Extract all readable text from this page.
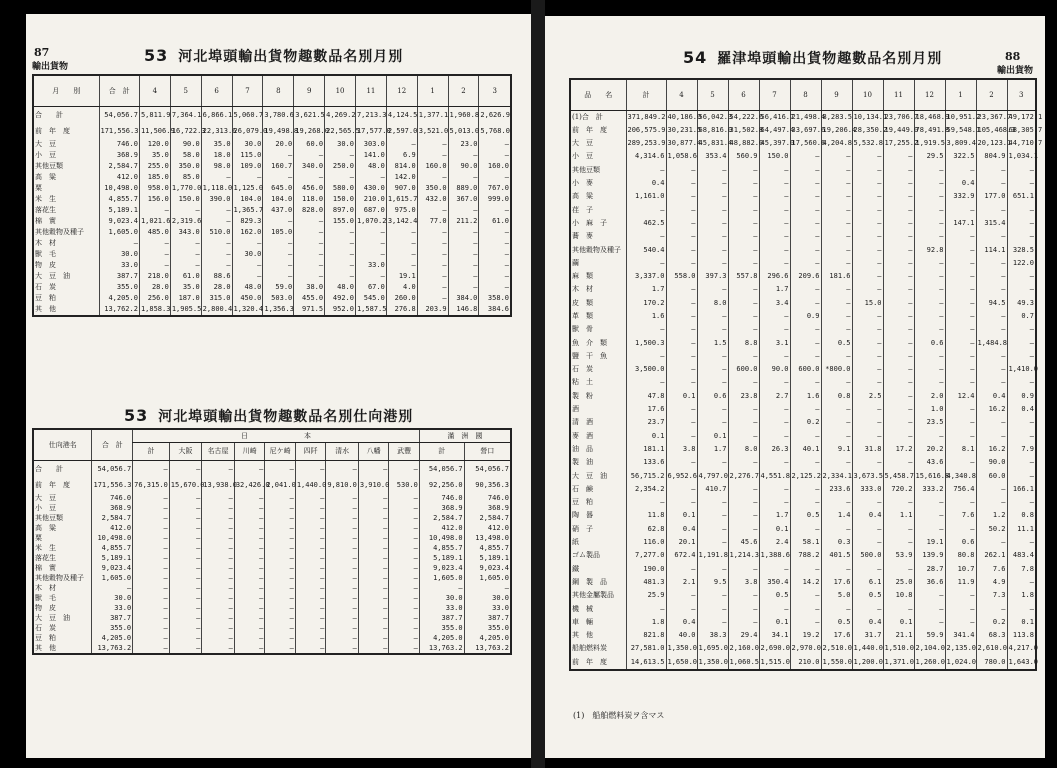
87
輸出貨物
53 河北埠頭輸出貨物趣數品名別月別
月　　別	合　計	4	5	6	7	8	9	10	11	12	1	2	3
合　　計	54,056.7	5,811.9	7,364.1	6,866.1	5,060.7	3,780.6	3,621.5	4,269.2	7,213.3	4,124.5	1,377.1	1,960.8	2,626.9
前　年　度	171,556.3	11,506.9	16,722.3	22,313.6	26,079.0	19,498.8	19,268.0	22,565.5	17,577.0	2,597.0	3,521.0	5,013.0	5,768.0
大　豆	746.0	120.0	90.0	35.0	30.0	20.0	60.0	30.0	303.0	—	—	23.0	—
小　豆	368.9	35.0	58.0	18.0	115.0	—	—	—	141.0	6.9	—	—	—
其他豆類	2,584.7	255.0	350.0	98.0	109.0	160.7	340.0	250.0	48.0	814.0	160.0	90.0	160.0
高　粱	412.0	185.0	85.0	—	—	—	—	—	—	142.0	—	—	—
粟	10,498.0	958.0	1,770.0	1,118.0	1,125.0	645.0	456.0	580.0	430.0	907.0	350.0	889.0	767.0
米　生	4,855.7	156.0	150.0	390.0	104.0	104.0	118.0	150.0	210.0	1,615.7	432.0	367.0	999.0
落花生	5,189.1	—	—	—	1,365.7	437.0	828.0	897.0	687.0	975.0	—	—	—
棉　實	9,023.4	1,021.6	2,319.6	—	829.3	—	—	155.0	1,070.2	3,142.4	77.0	211.2	61.0
其他穀物及種子	1,605.0	485.0	343.0	510.0	162.0	105.0	—	—	—	—	—	—	—
木　材	—	—	—	—	—	—	—	—	—	—	—	—	—
獸　毛	30.0	—	—	—	30.0	—	—	—	—	—	—	—	—
物　皮	33.0	—	—	—	—	—	—	—	33.0	—	—	—	—
大　豆　油	387.7	218.0	61.0	88.6	—	—	—	—	—	19.1	—	—	—
石　炭	355.0	28.0	35.0	28.0	48.0	59.0	38.0	48.0	67.0	4.0	—	—	—
豆　粕	4,205.0	256.0	187.0	315.0	450.0	503.0	455.0	492.0	545.0	260.0	—	384.0	358.0
其　他	13,762.2	1,858.3	1,905.5	2,800.4	1,320.4	1,356.3	971.5	952.0	1,587.5	276.8	203.9	146.8	384.6
53 河北埠頭輸出貨物趣數品名別仕向港別
仕向港名	合　計	日　　　　　　　　 本									滿　洲　國	
		計	大阪	名古屋	川崎	尼ケ崎	四阡	清水	八幡	武豐	計	營口
合　　計	54,056.7	—	—	—	—	—	—	—	—	—	54,056.7	54,056.7
前　年　度	171,556.3	76,315.0	15,670.0	13,938.0	32,426.0	2,041.0	1,440.0	9,810.0	3,910.0	530.0	92,256.0	90,356.3
大　豆	746.0	—	—	—	—	—	—	—	—	—	746.0	746.0
小　豆	368.9	—	—	—	—	—	—	—	—	—	368.9	368.9
其他豆類	2,584.7	—	—	—	—	—	—	—	—	—	2,584.7	2,584.7
高　粱	412.0	—	—	—	—	—	—	—	—	—	412.0	412.0
粟	10,498.0	—	—	—	—	—	—	—	—	—	10,498.0	13,498.0
米　生	4,855.7	—	—	—	—	—	—	—	—	—	4,855.7	4,855.7
落花生	5,189.1	—	—	—	—	—	—	—	—	—	5,189.1	5,189.1
棉　實	9,023.4	—	—	—	—	—	—	—	—	—	9,023.4	9,023.4
其他穀物及種子	1,605.0	—	—	—	—	—	—	—	—	—	1,605.0	1,605.0
木　材	—	—	—	—	—	—	—	—	—	—	—	—
獸　毛	30.0	—	—	—	—	—	—	—	—	—	30.0	30.0
物　皮	33.0	—	—	—	—	—	—	—	—	—	33.0	33.0
大　豆　油	387.7	—	—	—	—	—	—	—	—	—	387.7	387.7
石　炭	355.0	—	—	—	—	—	—	—	—	—	355.0	355.0
豆　粕	4,205.0	—	—	—	—	—	—	—	—	—	4,205.0	4,205.0
其　他	13,763.2	—	—	—	—	—	—	—	—	—	13,763.2	13,763.2
88
輸出貨物
54 羅津埠頭輸出貨物趣數品名別月別
品　　名	計	4	5	6	7	8	9	10	11	12	1	2	3
(1)合　計	371,849.2	40,186.0	56,042.3	54,222.6	56,416.7	21,498.4	8,283.5	10,134.1	23,706.7	18,468.9	10,951.2	23,367.7	49,172.1
前　年　度	206,575.9	30,231.5	68,816.0	31,502.8	64,497.4	33,697.6	19,206.4	28,350.2	19,449.0	78,491.8	59,548.1	105,468.3	68,305.7
大　豆	289,253.9	30,877.4	45,831.4	48,882.0	45,397.0	17,560.6	4,204.8	5,532.8	17,255.2	1,919.5	3,809.4	20,123.1	44,710.7
小　豆	4,314.6	1,058.6	353.4	560.9	150.0	—	—	—	—	29.5	322.5	804.9	1,034.1
其他豆類	—	—	—	—	—	—	—	—	—	—	—	—	—
小　麥	0.4	—	—	—	—	—	—	—	—	—	0.4	—	—
高　粱	1,161.0	—	—	—	—	—	—	—	—	—	332.9	177.0	651.1
荏　子	—	—	—	—	—	—	—	—	—	—	—	—	—
小　麻　子	462.5	—	—	—	—	—	—	—	—	—	147.1	315.4	—
蕎　麥	—	—	—	—	—	—	—	—	—	—	—	—	—
其他穀物及種子	540.4	—	—	—	—	—	—	—	—	92.8	—	114.1	328.5
繭	—	—	—	—	—	—	—	—	—	—	—	—	122.0
麻　類	3,337.0	558.0	397.3	557.8	296.6	209.6	181.6	—	—	—	—	—	—
木　材	1.7	—	—	—	1.7	—	—	—	—	—	—	—	—
皮　類	170.2	—	8.0	—	3.4	—	—	15.0	—	—	—	94.5	49.3
革　類	1.6	—	—	—	—	0.9	—	—	—	—	—	—	0.7
獸　骨	—	—	—	—	—	—	—	—	—	—	—	—	—
魚　介　類	1,500.3	—	1.5	8.8	3.1	—	0.5	—	—	0.6	—	1,484.8	—
鹽　干　魚	—	—	—	—	—	—	—	—	—	—	—	—	—
石　炭	3,500.0	—	—	600.0	90.0	600.0	*800.0	—	—	—	—	—	1,410.0
粘　土	—	—	—	—	—	—	—	—	—	—	—	—	—
製　粉	47.8	0.1	0.6	23.8	2.7	1.6	0.8	2.5	—	2.0	12.4	0.4	0.9
酒	17.6	—	—	—	—	—	—	—	—	1.0	—	16.2	0.4
清　酒	23.7	—	—	—	—	0.2	—	—	—	23.5	—	—	—
麥　酒	0.1	—	0.1	—	—	—	—	—	—	—	—	—	—
油　品	181.1	3.8	1.7	8.0	26.3	40.1	9.1	31.8	17.2	20.2	8.1	16.2	7.9
製　油	133.6	—	—	—	—	—	—	—	—	43.6	—	90.0	—
大　豆　油	56,715.2	6,952.6	4,797.0	2,276.7	4,551.8	2,125.2	2,334.1	3,673.5	5,458.7	15,616.8	4,340.8	60.0	—
石　鹸	2,354.2	—	410.7	—	—	—	233.6	333.0	720.2	333.2	756.4	—	166.1
豆　粕	—	—	—	—	—	—	—	—	—	—	—	—	—
陶　器	11.8	0.1	—	—	1.7	0.5	1.4	0.4	1.1	—	7.6	1.2	0.8
硝　子	62.8	0.4	—	—	0.1	—	—	—	—	—	—	50.2	11.1
紙	116.0	20.1	—	45.6	2.4	58.1	0.3	—	—	19.1	0.6	—	—
ゴム製品	7,277.0	672.4	1,191.8	1,214.3	1,388.6	788.2	401.5	500.0	53.9	139.9	80.8	262.1	483.4
鐵	190.0	—	—	—	—	—	—	—	—	28.7	10.7	7.6	7.8
鋼　製　品	481.3	2.1	9.5	3.8	350.4	14.2	17.6	6.1	25.0	36.6	11.9	4.9	—
其他金屬製品	25.9	—	—	—	0.5	—	5.0	0.5	10.8	—	—	7.3	1.8
機　械	—	—	—	—	—	—	—	—	—	—	—	—	—
車　輛	1.8	0.4	—	—	0.1	—	0.5	0.4	0.1	—	—	0.2	0.1
其　他	821.8	40.0	38.3	29.4	34.1	19.2	17.6	31.7	21.1	59.9	341.4	68.3	113.8
船舶燃料炭	27,581.0	1,350.0	1,695.0	2,160.0	2,690.0	2,970.0	2,510.0	1,440.0	1,510.0	2,104.0	2,135.0	2,610.0	4,217.0
前　年　度	14,613.5	1,650.0	1,350.0	1,060.5	1,515.0	210.0	1,550.0	1,200.0	1,371.0	1,260.0	1,024.0	780.0	1,643.0
(1)　船舶燃料炭ヲ含マス
